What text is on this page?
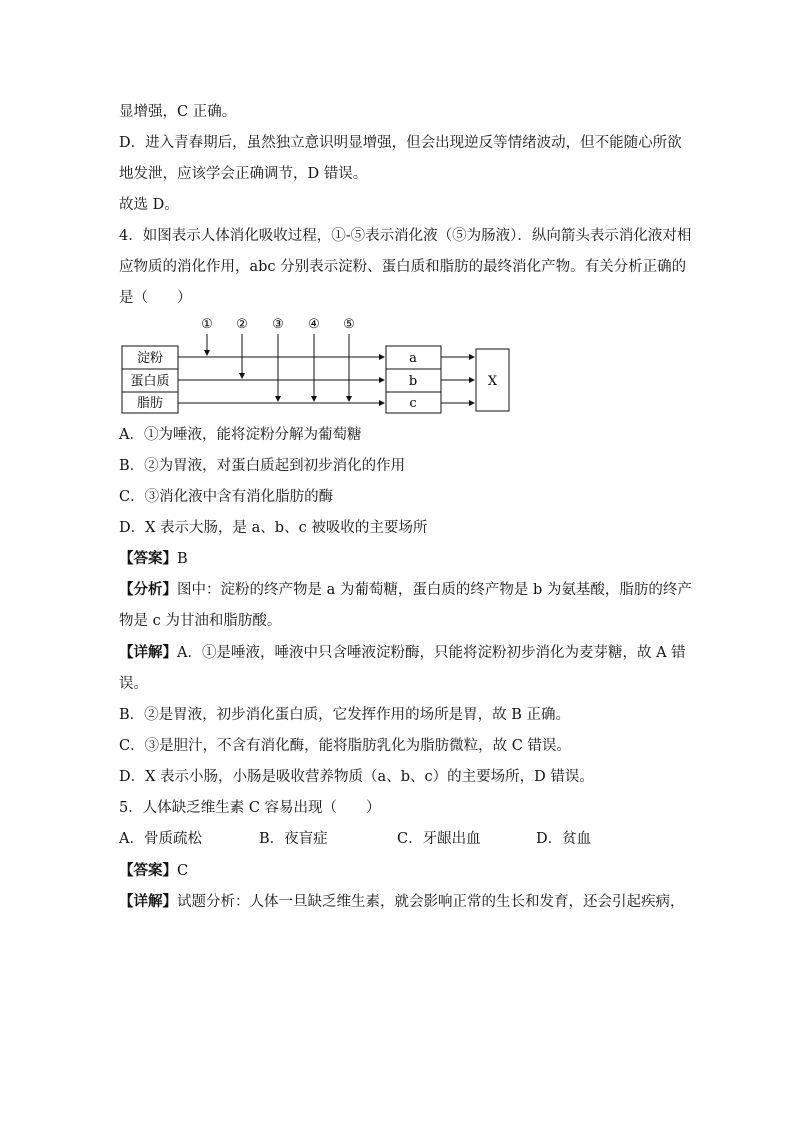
显增强，C 正确。
D．进入青春期后，虽然独立意识明显增强，但会出现逆反等情绪波动，但不能随心所欲
地发泄，应该学会正确调节，D 错误。
故选 D。
4．如图表示人体消化吸收过程，①-⑤表示消化液（⑤为肠液）．纵向箭头表示消化液对相
应物质的消化作用，abc 分别表示淀粉、蛋白质和脂肪的最终消化产物。有关分析正确的
是（　　）
淀粉
蛋白质
脂肪
① ② ③ ④ ⑤
a
b
c
X
A．①为唾液，能将淀粉分解为葡萄糖
B．②为胃液，对蛋白质起到初步消化的作用
C．③消化液中含有消化脂肪的酶
D．X 表示大肠，是 a、b、c 被吸收的主要场所
【答案】B
【分析】图中：淀粉的终产物是 a 为葡萄糖，蛋白质的终产物是 b 为氨基酸，脂肪的终产
物是 c 为甘油和脂肪酸。
【详解】A．①是唾液，唾液中只含唾液淀粉酶，只能将淀粉初步消化为麦芽糖，故 A 错
误。
B．②是胃液，初步消化蛋白质，它发挥作用的场所是胃，故 B 正确。
C．③是胆汁，不含有消化酶，能将脂肪乳化为脂肪微粒，故 C 错误。
D．X 表示小肠，小肠是吸收营养物质（a、b、c）的主要场所，D 错误。
5．人体缺乏维生素 C 容易出现（　　）
A．骨质疏松	B．夜盲症	C．牙龈出血	D．贫血
【答案】C
【详解】试题分析：人体一旦缺乏维生素，就会影响正常的生长和发育，还会引起疾病，
